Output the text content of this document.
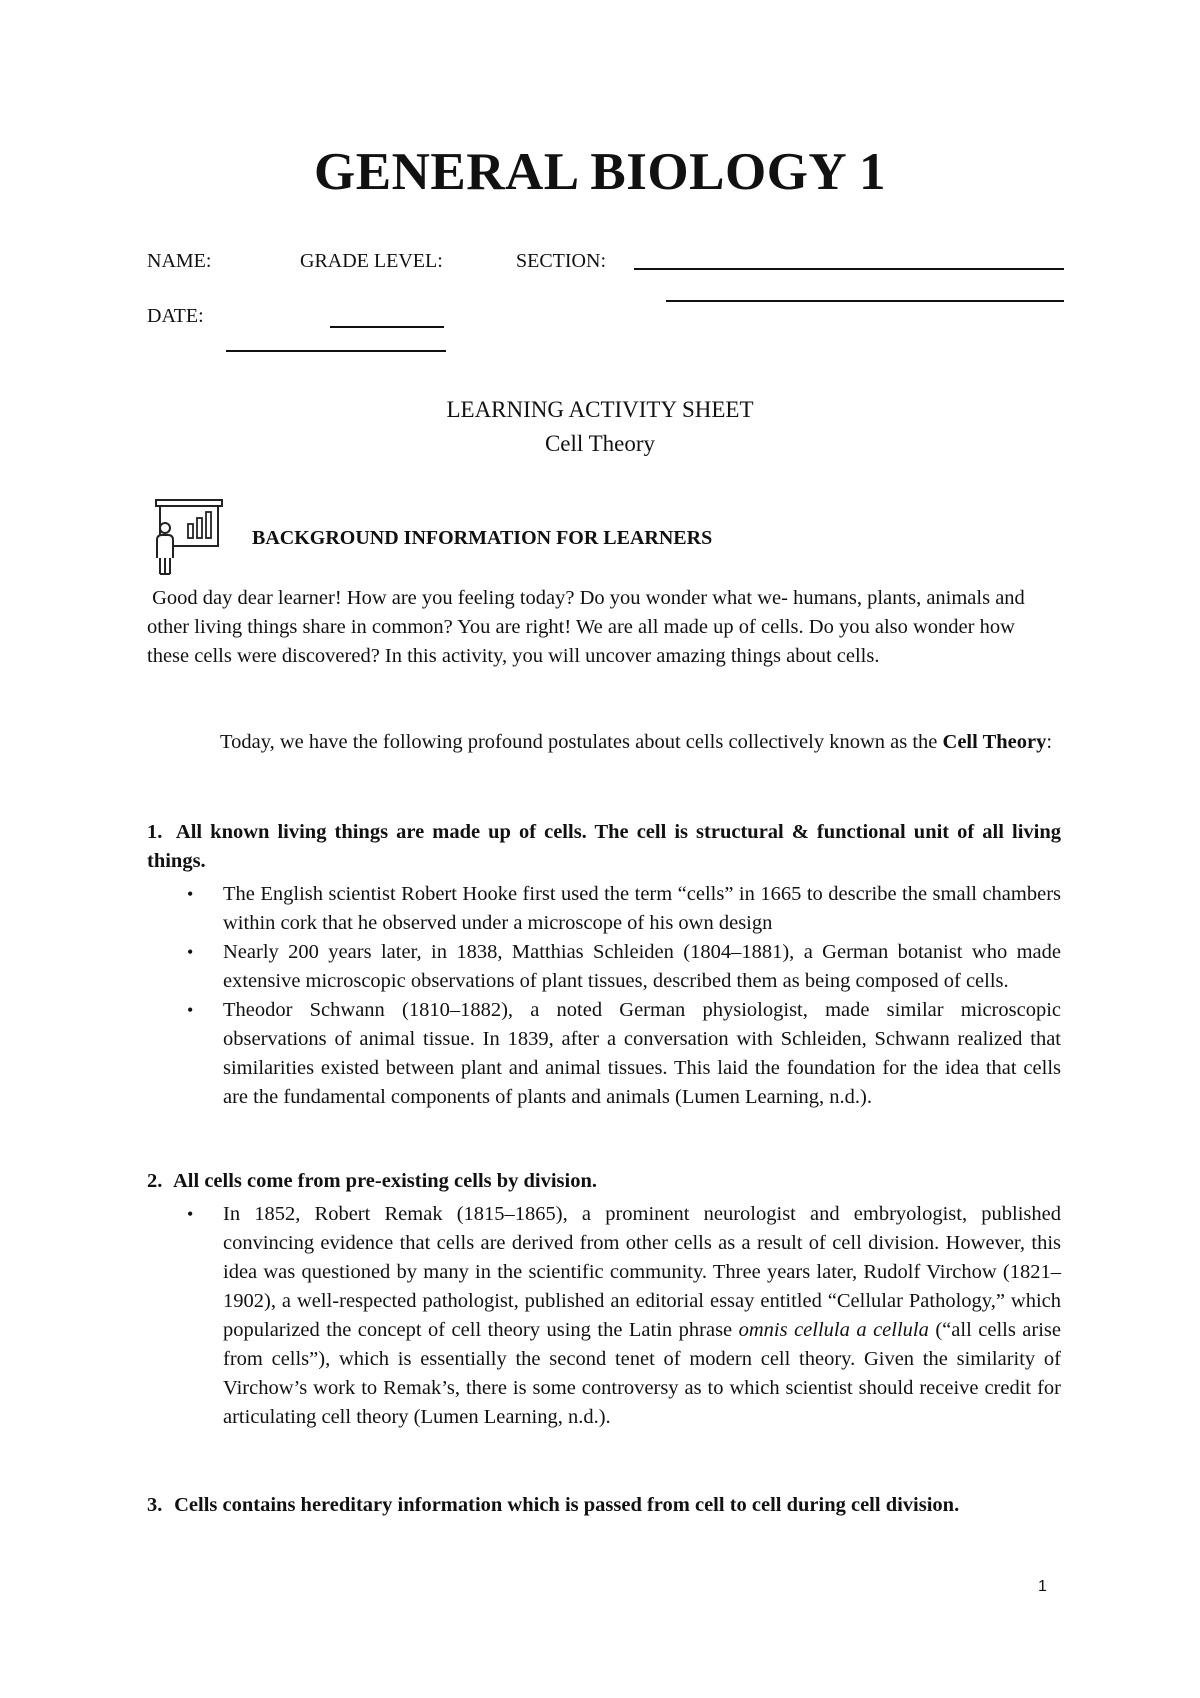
GENERAL BIOLOGY 1
NAME:	GRADE LEVEL:	SECTION:
DATE:
LEARNING ACTIVITY SHEET
Cell Theory
BACKGROUND INFORMATION FOR LEARNERS
Good day dear learner! How are you feeling today? Do you wonder what we- humans, plants, animals and other living things share in common? You are right! We are all made up of cells. Do you also wonder how these cells were discovered? In this activity, you will uncover amazing things about cells.
Today, we have the following profound postulates about cells collectively known as the Cell Theory:
1. All known living things are made up of cells. The cell is structural & functional unit of all living things.
• The English scientist Robert Hooke first used the term “cells” in 1665 to describe the small chambers within cork that he observed under a microscope of his own design
• Nearly 200 years later, in 1838, Matthias Schleiden (1804–1881), a German botanist who made extensive microscopic observations of plant tissues, described them as being composed of cells.
• Theodor Schwann (1810–1882), a noted German physiologist, made similar microscopic observations of animal tissue. In 1839, after a conversation with Schleiden, Schwann realized that similarities existed between plant and animal tissues. This laid the foundation for the idea that cells are the fundamental components of plants and animals (Lumen Learning, n.d.).
2. All cells come from pre-existing cells by division.
• In 1852, Robert Remak (1815–1865), a prominent neurologist and embryologist, published convincing evidence that cells are derived from other cells as a result of cell division. However, this idea was questioned by many in the scientific community. Three years later, Rudolf Virchow (1821–1902), a well-respected pathologist, published an editorial essay entitled “Cellular Pathology,” which popularized the concept of cell theory using the Latin phrase omnis cellula a cellula (“all cells arise from cells”), which is essentially the second tenet of modern cell theory. Given the similarity of Virchow’s work to Remak’s, there is some controversy as to which scientist should receive credit for articulating cell theory (Lumen Learning, n.d.).
3. Cells contains hereditary information which is passed from cell to cell during cell division.
1
